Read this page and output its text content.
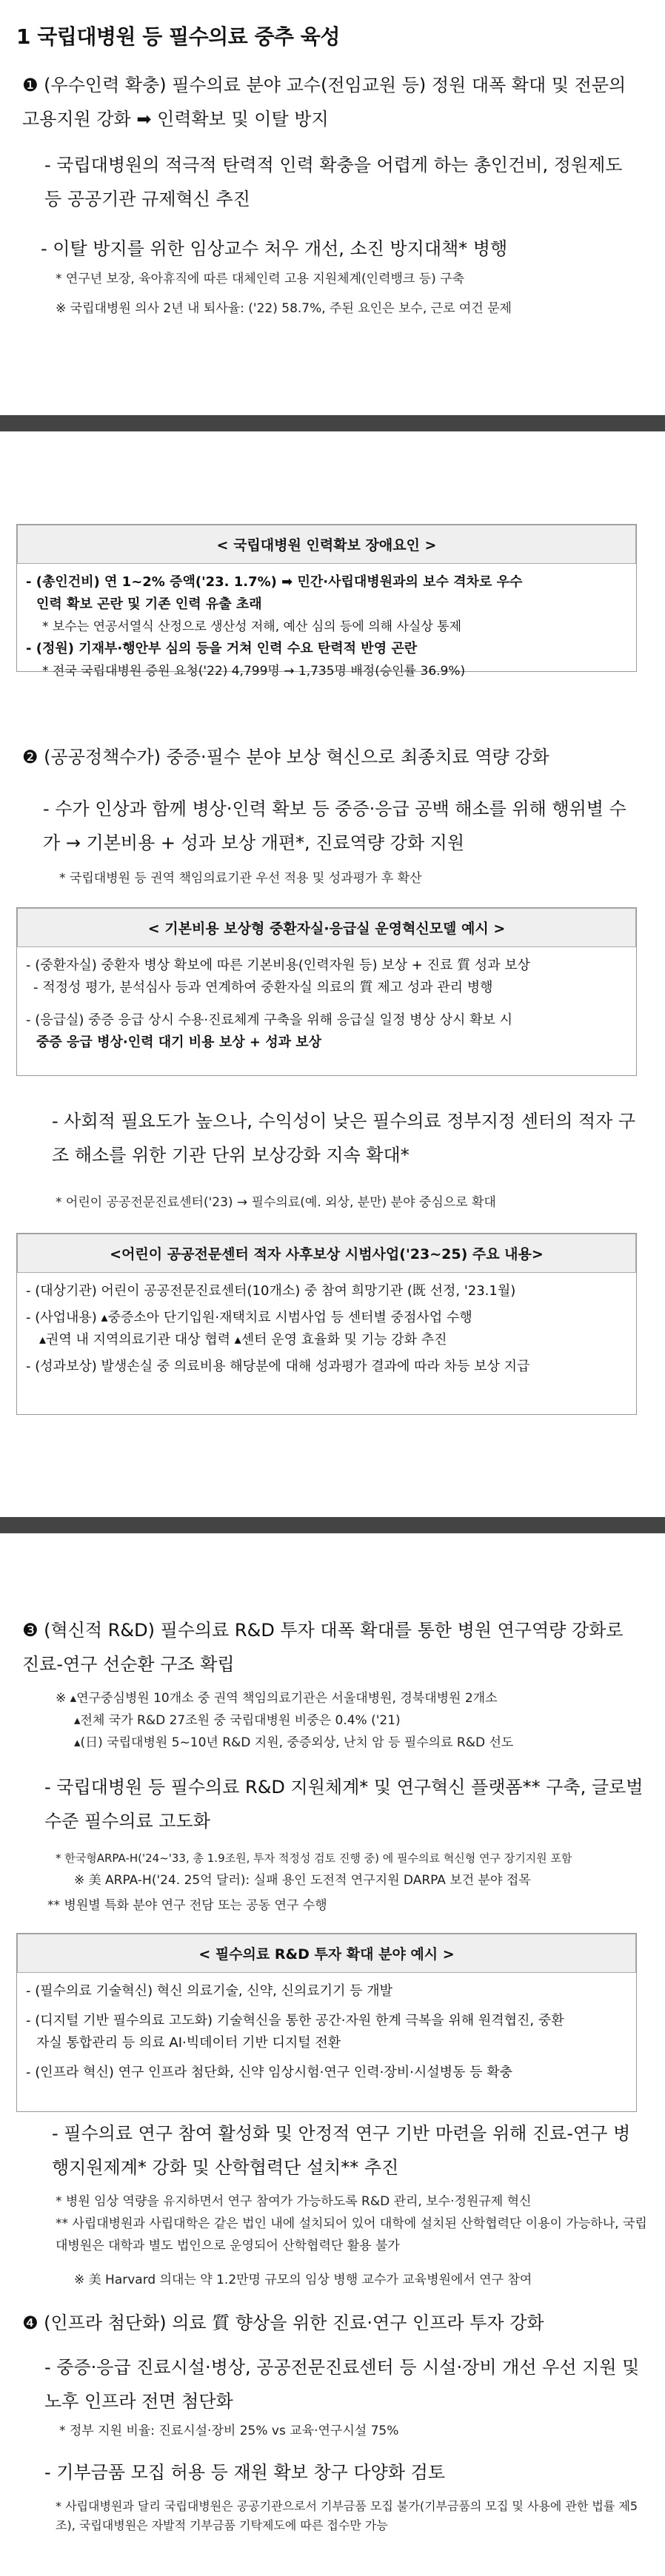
1 국립대병원 등 필수의료 중추 육성
❶ (우수인력 확충) 필수의료 분야 교수(전임교원 등) 정원 대폭 확대 및 전문의 고용지원 강화 ➡ 인력확보 및 이탈 방지
- 국립대병원의 적극적 탄력적 인력 확충을 어렵게 하는 총인건비, 정원제도 등 공공기관 규제혁신 추진
- 이탈 방지를 위한 임상교수 처우 개선, 소진 방지대책* 병행
* 연구년 보장, 육아휴직에 따른 대체인력 고용 지원체계(인력뱅크 등) 구축
※ 국립대병원 의사 2년 내 퇴사율: ('22) 58.7%, 주된 요인은 보수, 근로 여건 문제
< 국립대병원 인력확보 장애요인 >
- (총인건비) 연 1~2% 증액('23. 1.7%) ➡ 민간·사립대병원과의 보수 격차로 우수
인력 확보 곤란 및 기존 인력 유출 초래
* 보수는 연공서열식 산정으로 생산성 저해, 예산 심의 등에 의해 사실상 통제
- (정원) 기재부·행안부 심의 등을 거쳐 인력 수요 탄력적 반영 곤란
* 전국 국립대병원 증원 요청('22) 4,799명 → 1,735명 배정(승인률 36.9%)
❷ (공공정책수가) 중증·필수 분야 보상 혁신으로 최종치료 역량 강화
- 수가 인상과 함께 병상·인력 확보 등 중증·응급 공백 해소를 위해 행위별 수가 → 기본비용 + 성과 보상 개편*, 진료역량 강화 지원
* 국립대병원 등 권역 책임의료기관 우선 적용 및 성과평가 후 확산
< 기본비용 보상형 중환자실·응급실 운영혁신모델 예시 >
- (중환자실) 중환자 병상 확보에 따른 기본비용(인력자원 등) 보상 + 진료 質 성과 보상
- 적정성 평가, 분석심사 등과 연계하여 중환자실 의료의 質 제고 성과 관리 병행
- (응급실) 중증 응급 상시 수용·진료체계 구축을 위해 응급실 일정 병상 상시 확보 시
중증 응급 병상·인력 대기 비용 보상 + 성과 보상
- 사회적 필요도가 높으나, 수익성이 낮은 필수의료 정부지정 센터의 적자 구조 해소를 위한 기관 단위 보상강화 지속 확대*
* 어린이 공공전문진료센터('23) → 필수의료(예. 외상, 분만) 분야 중심으로 확대
<어린이 공공전문센터 적자 사후보상 시범사업('23~25) 주요 내용>
- (대상기관) 어린이 공공전문진료센터(10개소) 중 참여 희망기관 (既 선정, '23.1월)
- (사업내용) ▴중증소아 단기입원·재택치료 시범사업 등 센터별 중점사업 수행
▴권역 내 지역의료기관 대상 협력 ▴센터 운영 효율화 및 기능 강화 추진
- (성과보상) 발생손실 중 의료비용 해당분에 대해 성과평가 결과에 따라 차등 보상 지급
❸ (혁신적 R&D) 필수의료 R&D 투자 대폭 확대를 통한 병원 연구역량 강화로 진료-연구 선순환 구조 확립
※ ▴연구중심병원 10개소 중 권역 책임의료기관은 서울대병원, 경북대병원 2개소
▴전체 국가 R&D 27조원 중 국립대병원 비중은 0.4% ('21)
▴(日) 국립대병원 5~10년 R&D 지원, 중증외상, 난치 암 등 필수의료 R&D 선도
- 국립대병원 등 필수의료 R&D 지원체계* 및 연구혁신 플랫폼** 구축, 글로벌 수준 필수의료 고도화
* 한국형ARPA-H('24~'33, 총 1.9조원, 투자 적정성 검토 진행 중) 에 필수의료 혁신형 연구 장기지원 포함
※ 美 ARPA-H('24. 25억 달러): 실패 용인 도전적 연구지원 DARPA 보건 분야 접목
** 병원별 특화 분야 연구 전담 또는 공동 연구 수행
< 필수의료 R&D 투자 확대 분야 예시 >
- (필수의료 기술혁신) 혁신 의료기술, 신약, 신의료기기 등 개발
- (디지털 기반 필수의료 고도화) 기술혁신을 통한 공간·자원 한계 극복을 위해 원격협진, 중환
자실 통합관리 등 의료 AI·빅데이터 기반 디지털 전환
- (인프라 혁신) 연구 인프라 첨단화, 신약 임상시험·연구 인력·장비·시설병동 등 확충
- 필수의료 연구 참여 활성화 및 안정적 연구 기반 마련을 위해 진료-연구 병행지원제계* 강화 및 산학협력단 설치** 추진
* 병원 임상 역량을 유지하면서 연구 참여가 가능하도록 R&D 관리, 보수·정원규제 혁신
** 사립대병원과 사립대학은 같은 법인 내에 설치되어 있어 대학에 설치된 산학협력단 이용이 가능하나, 국립대병원은 대학과 별도 법인으로 운영되어 산학협력단 활용 불가
※ 美 Harvard 의대는 약 1.2만명 규모의 임상 병행 교수가 교육병원에서 연구 참여
❹ (인프라 첨단화) 의료 質 향상을 위한 진료·연구 인프라 투자 강화
- 중증·응급 진료시설·병상, 공공전문진료센터 등 시설·장비 개선 우선 지원 및 노후 인프라 전면 첨단화
* 정부 지원 비율: 진료시설·장비 25% vs 교육·연구시설 75%
- 기부금품 모집 허용 등 재원 확보 창구 다양화 검토
* 사립대병원과 달리 국립대병원은 공공기관으로서 기부금품 모집 불가(기부금품의 모집 및 사용에 관한 법률 제5조), 국립대병원은 자발적 기부금품 기탁제도에 따른 접수만 가능
